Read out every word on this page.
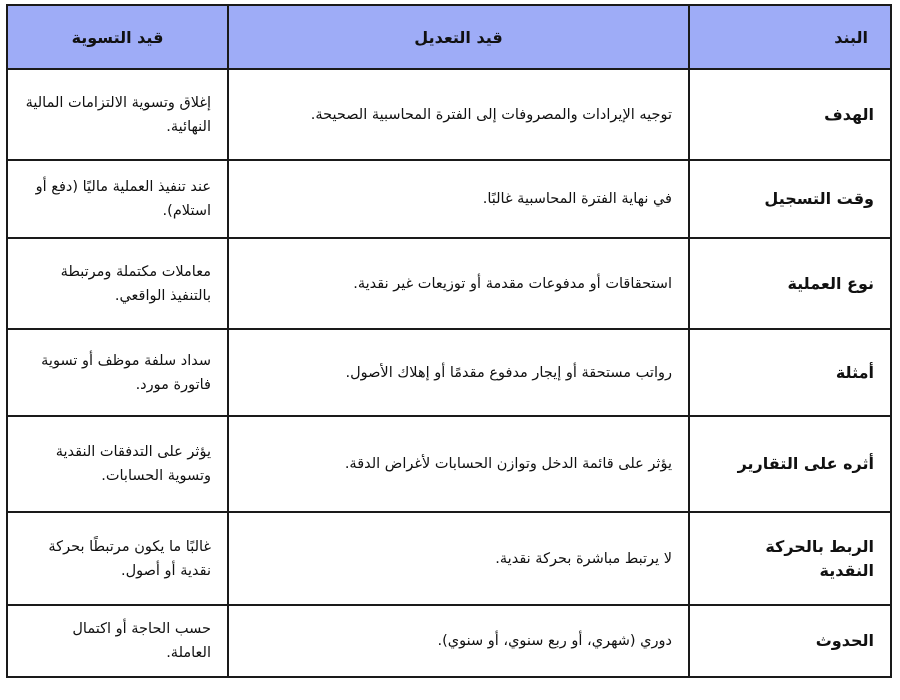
البند	قيد التعديل	قيد التسوية
الهدف	توجيه الإيرادات والمصروفات إلى الفترة المحاسبية الصحيحة.	إغلاق وتسوية الالتزامات المالية النهائية.
وقت التسجيل	في نهاية الفترة المحاسبية غالبًا.	عند تنفيذ العملية ماليًا (دفع أو استلام).
نوع العملية	استحقاقات أو مدفوعات مقدمة أو توزيعات غير نقدية.	معاملات مكتملة ومرتبطة بالتنفيذ الواقعي.
أمثلة	رواتب مستحقة أو إيجار مدفوع مقدمًا أو إهلاك الأصول.	سداد سلفة موظف أو تسوية فاتورة مورد.
أثره على التقارير	يؤثر على قائمة الدخل وتوازن الحسابات لأغراض الدقة.	يؤثر على التدفقات النقدية وتسوية الحسابات.
الربط بالحركة النقدية	لا يرتبط مباشرة بحركة نقدية.	غالبًا ما يكون مرتبطًا بحركة نقدية أو أصول.
الحدوث	دوري (شهري، أو ربع سنوي، أو سنوي).	حسب الحاجة أو اكتمال العاملة.
